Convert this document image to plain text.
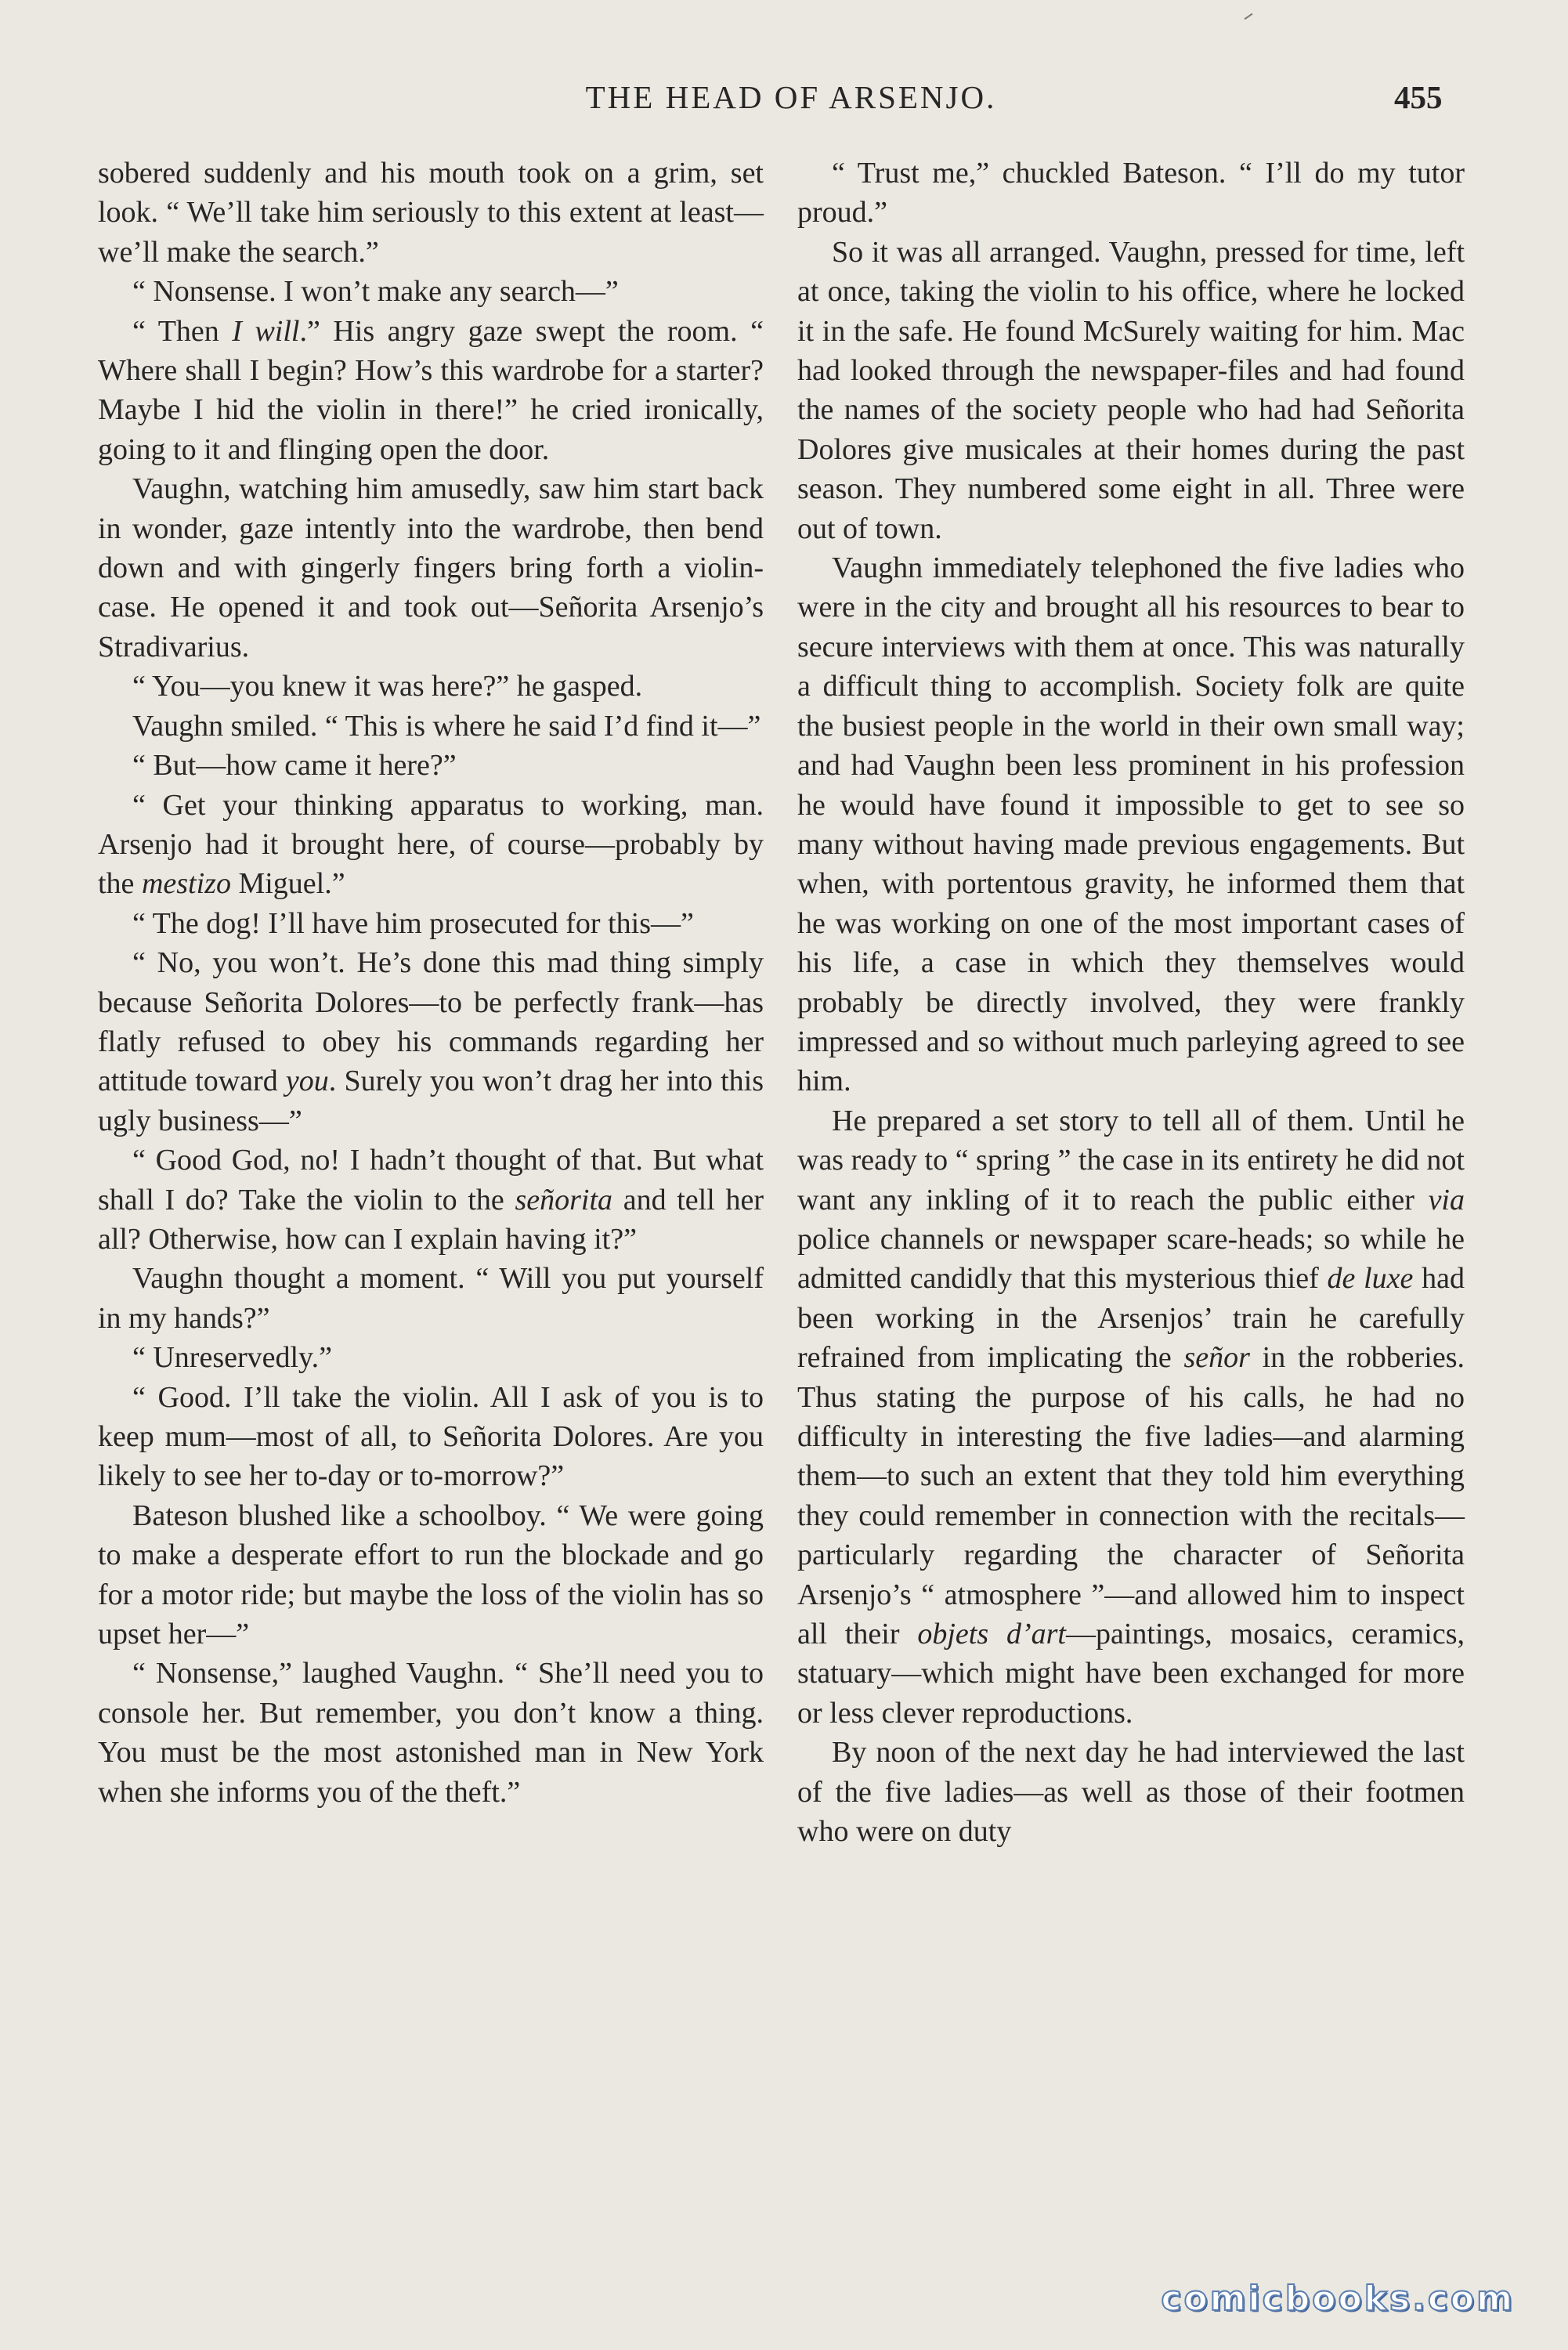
THE HEAD OF ARSENJO.	455

sobered suddenly and his mouth took on a grim, set look. “ We’ll take him seriously to this extent at least—we’ll make the search.”

“ Nonsense. I won’t make any search—”

“ Then I will.” His angry gaze swept the room. “ Where shall I begin? How’s this wardrobe for a starter? Maybe I hid the violin in there!” he cried ironically, going to it and flinging open the door.

Vaughn, watching him amusedly, saw him start back in wonder, gaze intently into the wardrobe, then bend down and with gingerly fingers bring forth a violin-case. He opened it and took out—Señorita Arsenjo’s Stradivarius.

“ You—you knew it was here?” he gasped.

Vaughn smiled. “ This is where he said I’d find it—”

“ But—how came it here?”

“ Get your thinking apparatus to working, man. Arsenjo had it brought here, of course—probably by the mestizo Miguel.”

“ The dog! I’ll have him prosecuted for this—”

“ No, you won’t. He’s done this mad thing simply because Señorita Dolores—to be perfectly frank—has flatly refused to obey his commands regarding her attitude toward you. Surely you won’t drag her into this ugly business—”

“ Good God, no! I hadn’t thought of that. But what shall I do? Take the violin to the señorita and tell her all? Otherwise, how can I explain having it?”

Vaughn thought a moment. “ Will you put yourself in my hands?”

“ Unreservedly.”

“ Good. I’ll take the violin. All I ask of you is to keep mum—most of all, to Señorita Dolores. Are you likely to see her to-day or to-morrow?”

Bateson blushed like a schoolboy. “ We were going to make a desperate effort to run the blockade and go for a motor ride; but maybe the loss of the violin has so upset her—”

“ Nonsense,” laughed Vaughn. “ She’ll need you to console her. But remember, you don’t know a thing. You must be the most astonished man in New York when she informs you of the theft.”

“ Trust me,” chuckled Bateson. “ I’ll do my tutor proud.”

So it was all arranged. Vaughn, pressed for time, left at once, taking the violin to his office, where he locked it in the safe. He found McSurely waiting for him. Mac had looked through the newspaper-files and had found the names of the society people who had had Señorita Dolores give musicales at their homes during the past season. They numbered some eight in all. Three were out of town.

Vaughn immediately telephoned the five ladies who were in the city and brought all his resources to bear to secure interviews with them at once. This was naturally a difficult thing to accomplish. Society folk are quite the busiest people in the world in their own small way; and had Vaughn been less prominent in his profession he would have found it impossible to get to see so many without having made previous engagements. But when, with portentous gravity, he informed them that he was working on one of the most important cases of his life, a case in which they themselves would probably be directly involved, they were frankly impressed and so without much parleying agreed to see him.

He prepared a set story to tell all of them. Until he was ready to “ spring ” the case in its entirety he did not want any inkling of it to reach the public either via police channels or newspaper scare-heads; so while he admitted candidly that this mysterious thief de luxe had been working in the Arsenjos’ train he carefully refrained from implicating the señor in the robberies. Thus stating the purpose of his calls, he had no difficulty in interesting the five ladies—and alarming them—to such an extent that they told him everything they could remember in connection with the recitals—particularly regarding the character of Señorita Arsenjo’s “ atmosphere ”—and allowed him to inspect all their objets d’art—paintings, mosaics, ceramics, statuary—which might have been exchanged for more or less clever reproductions.

By noon of the next day he had interviewed the last of the five ladies—as well as those of their footmen who were on duty

comicbooks.com
